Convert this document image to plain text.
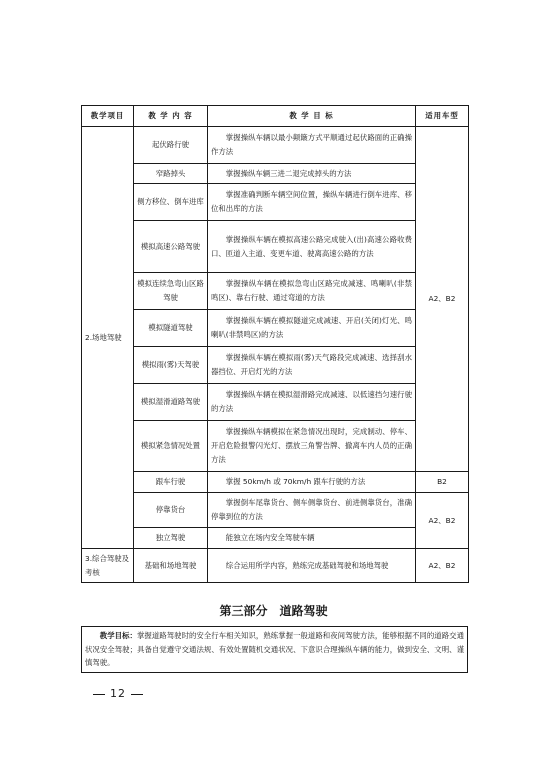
教学项目	教 学 内 容	教 学 目 标	适用车型
2.场地驾驶	起伏路行驶	掌握操纵车辆以最小颠簸方式平顺通过起伏路面的正确操作方法	A2、B2
	窄路掉头	掌握操纵车辆三进二退完成掉头的方法	
	侧方移位、倒车进库	掌握准确判断车辆空间位置，操纵车辆进行倒车进库、移位和出库的方法	
	模拟高速公路驾驶	掌握操纵车辆在模拟高速公路完成驶入(出)高速公路收费口、匝道入主道、变更车道、驶离高速公路的方法	
	模拟连续急弯山区路驾驶	掌握操纵车辆在模拟急弯山区路完成减速、鸣喇叭(非禁鸣区)、靠右行驶、通过弯道的方法	
	模拟隧道驾驶	掌握操纵车辆在模拟隧道完成减速、开启(关闭)灯光、鸣喇叭(非禁鸣区)的方法	
	模拟雨(雾)天驾驶	掌握操纵车辆在模拟雨(雾)天气路段完成减速、选择刮水器挡位、开启灯光的方法	
	模拟湿滑道路驾驶	掌握操纵车辆在模拟湿滑路完成减速、以低速挡匀速行驶的方法	
	模拟紧急情况处置	掌握操纵车辆模拟在紧急情况出现时，完成制动、停车、开启危险报警闪光灯、摆放三角警告牌、撤离车内人员的正确方法	
	跟车行驶	掌握 50km/h 或 70km/h 跟车行驶的方法	B2
	停靠货台	掌握倒车尾靠货台、侧车侧靠货台、前进侧靠货台，准确停靠到位的方法	A2、B2
	独立驾驶	能独立在场内安全驾驶车辆	
3.综合驾驶及考核	基础和场地驾驶	综合运用所学内容，熟练完成基础驾驶和场地驾驶	A2、B2
第三部分　道路驾驶
教学目标：掌握道路驾驶时的安全行车相关知识，熟练掌握一般道路和夜间驾驶方法，能够根据不同的道路交通状况安全驾驶；具备自觉遵守交通法规、有效处置随机交通状况、下意识合理操纵车辆的能力，做到安全、文明、谨慎驾驶。
12
